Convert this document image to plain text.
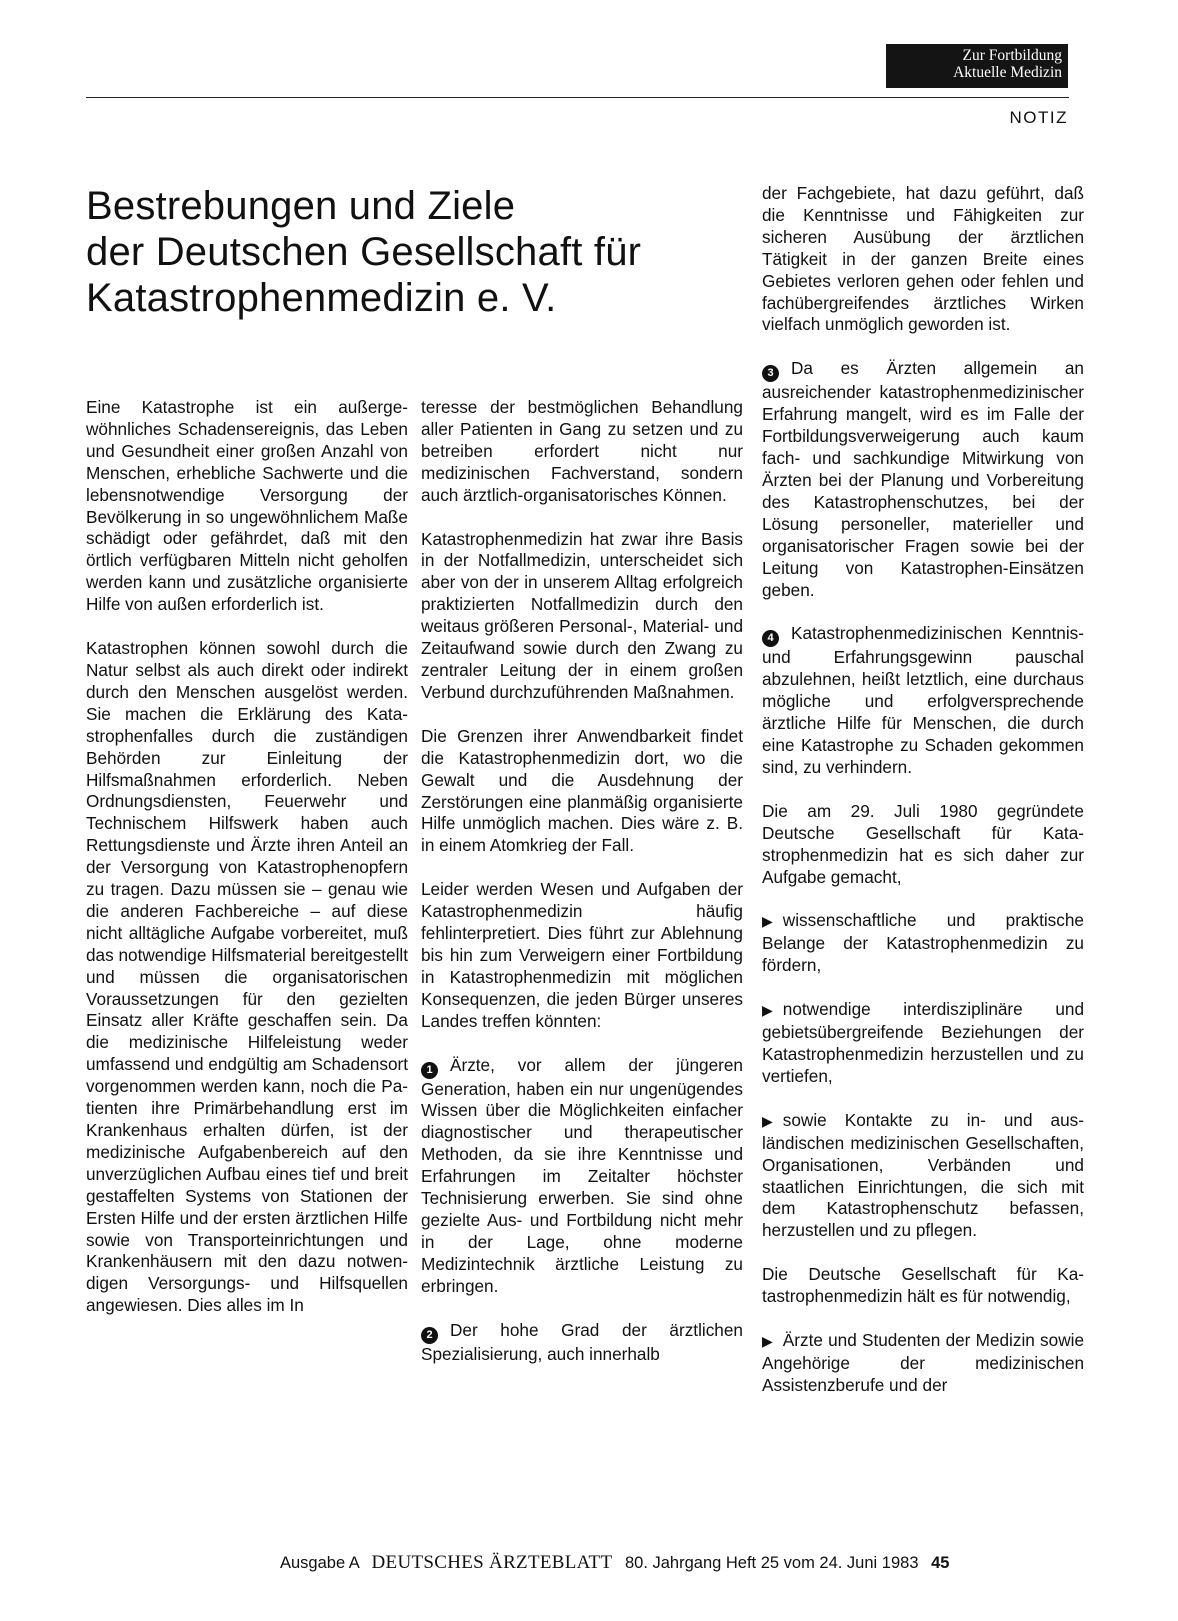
Zur Fortbildung
Aktuelle Medizin
NOTIZ
Bestrebungen und Ziele
der Deutschen Gesellschaft für
Katastrophenmedizin e. V.

Eine Katastrophe ist ein außergewöhnliches Schadensereignis, das Leben und Gesundheit einer großen Anzahl von Menschen, erhebliche Sachwerte und die lebensnotwendige Versorgung der Bevölkerung in so ungewöhnlichem Maße schädigt oder gefährdet, daß mit den örtlich verfügbaren Mitteln nicht geholfen werden kann und zusätzliche organisierte Hilfe von außen erforderlich ist.

Katastrophen können sowohl durch die Natur selbst als auch direkt oder indirekt durch den Menschen ausgelöst werden. Sie machen die Erklärung des Katastrophenfalles durch die zuständigen Behörden zur Einleitung der Hilfsmaßnahmen erforderlich. Neben Ordnungsdiensten, Feuerwehr und Technischem Hilfswerk haben auch Rettungsdienste und Ärzte ihren Anteil an der Versorgung von Katastrophenopfern zu tragen. Dazu müssen sie – genau wie die anderen Fachbereiche – auf diese nicht alltägliche Aufgabe vorbereitet, muß das notwendige Hilfsmaterial bereitgestellt und müssen die organisatorischen Voraussetzungen für den gezielten Einsatz aller Kräfte geschaffen sein. Da die medizinische Hilfeleistung weder umfassend und endgültig am Schadensort vorgenommen werden kann, noch die Patienten ihre Primärbehandlung erst im Krankenhaus erhalten dürfen, ist der medizinische Aufgabenbereich auf den unverzüglichen Aufbau eines tief und breit gestaffelten Systems von Stationen der Ersten Hilfe und der ersten ärztlichen Hilfe sowie von Transporteinrichtungen und Krankenhäusern mit den dazu notwendigen Versorgungs- und Hilfsquellen angewiesen. Dies alles im In

teresse der bestmöglichen Behandlung aller Patienten in Gang zu setzen und zu betreiben erfordert nicht nur medizinischen Fachverstand, sondern auch ärztlich-organisatorisches Können.

Katastrophenmedizin hat zwar ihre Basis in der Notfallmedizin, unterscheidet sich aber von der in unserem Alltag erfolgreich praktizierten Notfallmedizin durch den weitaus größeren Personal-, Material- und Zeitaufwand sowie durch den Zwang zu zentraler Leitung der in einem großen Verbund durchzuführenden Maßnahmen.

Die Grenzen ihrer Anwendbarkeit findet die Katastrophenmedizin dort, wo die Gewalt und die Ausdehnung der Zerstörungen eine planmäßig organisierte Hilfe unmöglich machen. Dies wäre z. B. in einem Atomkrieg der Fall.

Leider werden Wesen und Aufgaben der Katastrophenmedizin häufig fehlinterpretiert. Dies führt zur Ablehnung bis hin zum Verweigern einer Fortbildung in Katastrophenmedizin mit möglichen Konsequenzen, die jeden Bürger unseres Landes treffen könnten:

1 Ärzte, vor allem der jüngeren Generation, haben ein nur ungenügendes Wissen über die Möglichkeiten einfacher diagnostischer und therapeutischer Methoden, da sie ihre Kenntnisse und Erfahrungen im Zeitalter höchster Technisierung erwerben. Sie sind ohne gezielte Aus- und Fortbildung nicht mehr in der Lage, ohne moderne Medizintechnik ärztliche Leistung zu erbringen.

2 Der hohe Grad der ärztlichen Spezialisierung, auch innerhalb

der Fachgebiete, hat dazu geführt, daß die Kenntnisse und Fähigkeiten zur sicheren Ausübung der ärztlichen Tätigkeit in der ganzen Breite eines Gebietes verloren gehen oder fehlen und fachübergreifendes ärztliches Wirken vielfach unmöglich geworden ist.

3 Da es Ärzten allgemein an ausreichender katastrophenmedizinischer Erfahrung mangelt, wird es im Falle der Fortbildungsverweigerung auch kaum fach- und sachkundige Mitwirkung von Ärzten bei der Planung und Vorbereitung des Katastrophenschutzes, bei der Lösung personeller, materieller und organisatorischer Fragen sowie bei der Leitung von Katastrophen-Einsätzen geben.

4 Katastrophenmedizinischen Kenntnis- und Erfahrungsgewinn pauschal abzulehnen, heißt letztlich, eine durchaus mögliche und erfolgversprechende ärztliche Hilfe für Menschen, die durch eine Katastrophe zu Schaden gekommen sind, zu verhindern.

Die am 29. Juli 1980 gegründete Deutsche Gesellschaft für Katastrophenmedizin hat es sich daher zur Aufgabe gemacht,

▶ wissenschaftliche und praktische Belange der Katastrophenmedizin zu fördern,

▶ notwendige interdisziplinäre und gebietsübergreifende Beziehungen der Katastrophenmedizin herzustellen und zu vertiefen,

▶ sowie Kontakte zu in- und ausländischen medizinischen Gesellschaften, Organisationen, Verbänden und staatlichen Einrichtungen, die sich mit dem Katastrophenschutz befassen, herzustellen und zu pflegen.

Die Deutsche Gesellschaft für Katastrophenmedizin hält es für notwendig,

▶ Ärzte und Studenten der Medizin sowie Angehörige der medizinischen Assistenzberufe und der

Ausgabe A DEUTSCHES ÄRZTEBLATT 80. Jahrgang Heft 25 vom 24. Juni 1983 45
